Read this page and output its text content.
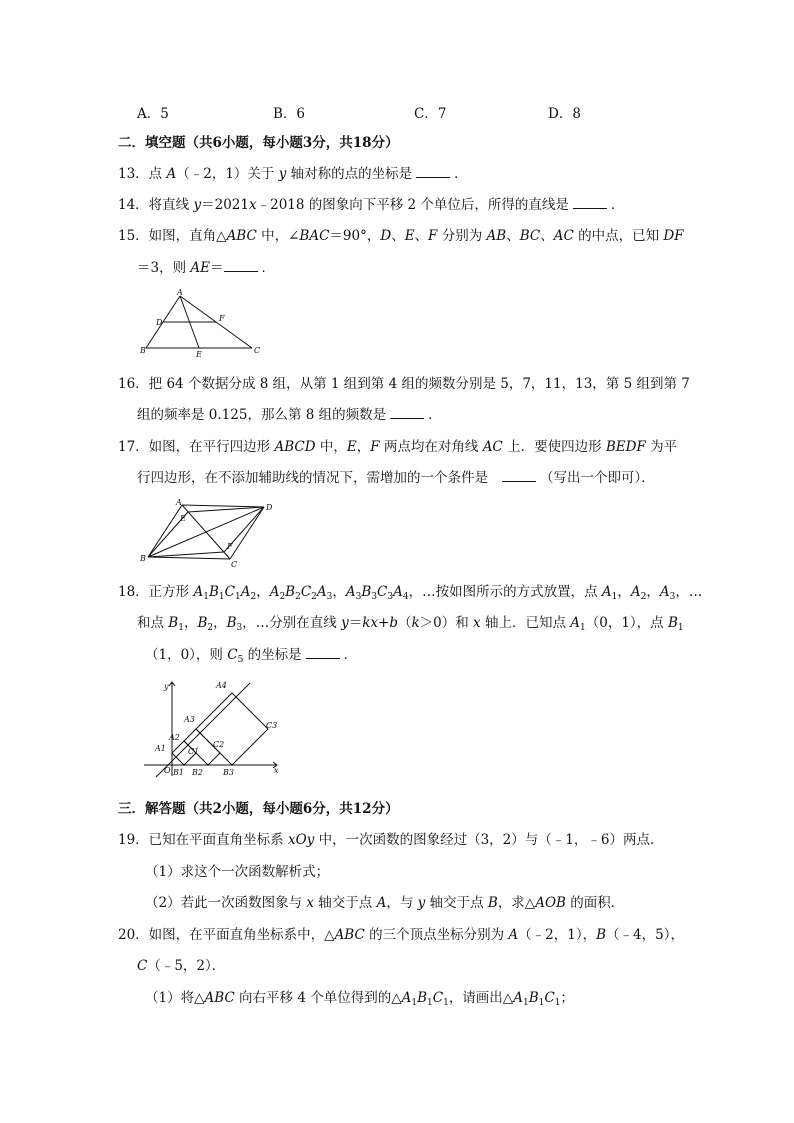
A．5	B．6	C．7	D．8
二．填空题（共6小题，每小题3分，共18分）
13．点 A（﹣2，1）关于 y 轴对称的点的坐标是	．
14．将直线 y＝2021x﹣2018 的图象向下平移 2 个单位后，所得的直线是	．
15．如图，直角△ABC 中，∠BAC＝90°，D、E、F 分别为 AB、BC、AC 的中点，已知 DF
＝3，则 AE＝	．
A
D	F
B	E	C
16．把 64 个数据分成 8 组，从第 1 组到第 4 组的频数分别是 5，7，11，13，第 5 组到第 7
组的频率是 0.125，那么第 8 组的频数是	．
17．如图，在平行四边形 ABCD 中，E，F 两点均在对角线 AC 上．要使四边形 BEDF 为平
行四边形，在不添加辅助线的情况下，需增加的一个条件是	（写出一个即可）．
A
D
E
F
B
C
18．正方形 $A_1B_1C_1A_2$，$A_2B_2C_2A_3$，$A_3B_3C_3A_4$，…按如图所示的方式放置，点 $A_1$，$A_2$，$A_3$，…
和点 $B_1$，$B_2$，$B_3$，…分别在直线 y＝kx+b（k＞0）和 x 轴上．已知点 $A_1(0$，1），点 $B_1$
（1，0），则 $C_5$ 的坐标是	．
y	A4
A3
C3
A2
C2
A1	C1
O B1 B2	B3	x
三．解答题（共2小题，每小题6分，共12分）
19．已知在平面直角坐标系 xOy 中，一次函数的图象经过（3，2）与（﹣1，﹣6）两点．
（1）求这个一次函数解析式；
（2）若此一次函数图象与 x 轴交于点 A，与 y 轴交于点 B，求△AOB 的面积．
20．如图，在平面直角坐标系中，△ABC 的三个顶点坐标分别为 A（﹣2，1），B（﹣4，5），
C（﹣5，2）．
（1）将△ABC 向右平移 4 个单位得到的$\triangle A_1B_1C_1$，请画出$\triangle A_1B_1C_1$；
